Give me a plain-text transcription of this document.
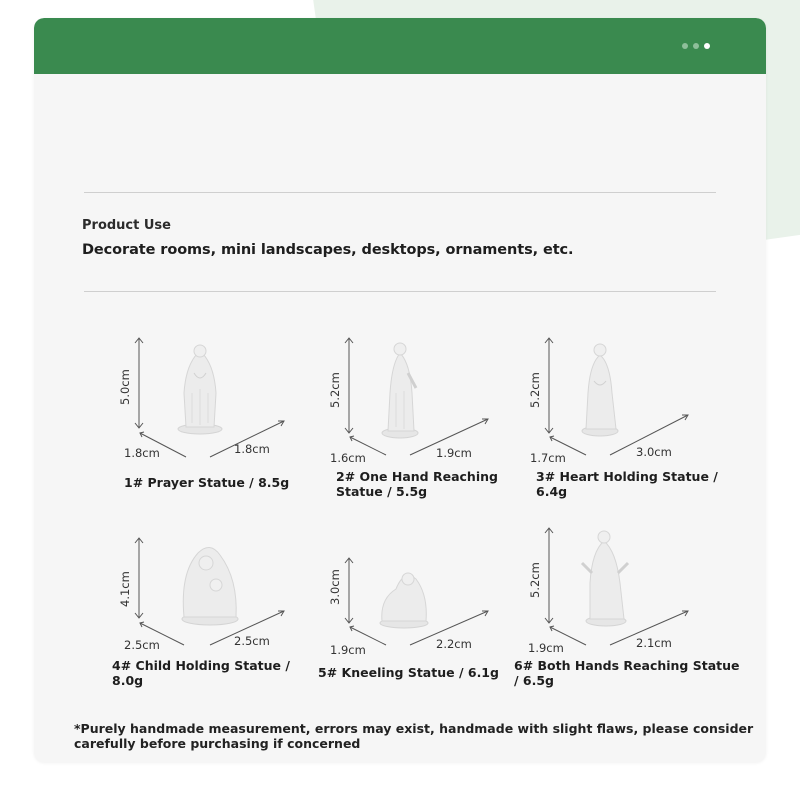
Product Use
Decorate rooms, mini landscapes, desktops, ornaments, etc.
5.0cm
1.8cm	1.8cm
1# Prayer Statue / 8.5g
5.2cm
1.6cm	1.9cm
2# One Hand Reaching Statue / 5.5g
5.2cm
1.7cm	3.0cm
3# Heart Holding Statue / 6.4g
4.1cm
2.5cm	2.5cm
4# Child Holding Statue / 8.0g
3.0cm
1.9cm	2.2cm
5# Kneeling Statue / 6.1g
5.2cm
1.9cm	2.1cm
6# Both Hands Reaching Statue / 6.5g
*Purely handmade measurement, errors may exist, handmade with slight flaws, please consider carefully before purchasing if concerned
